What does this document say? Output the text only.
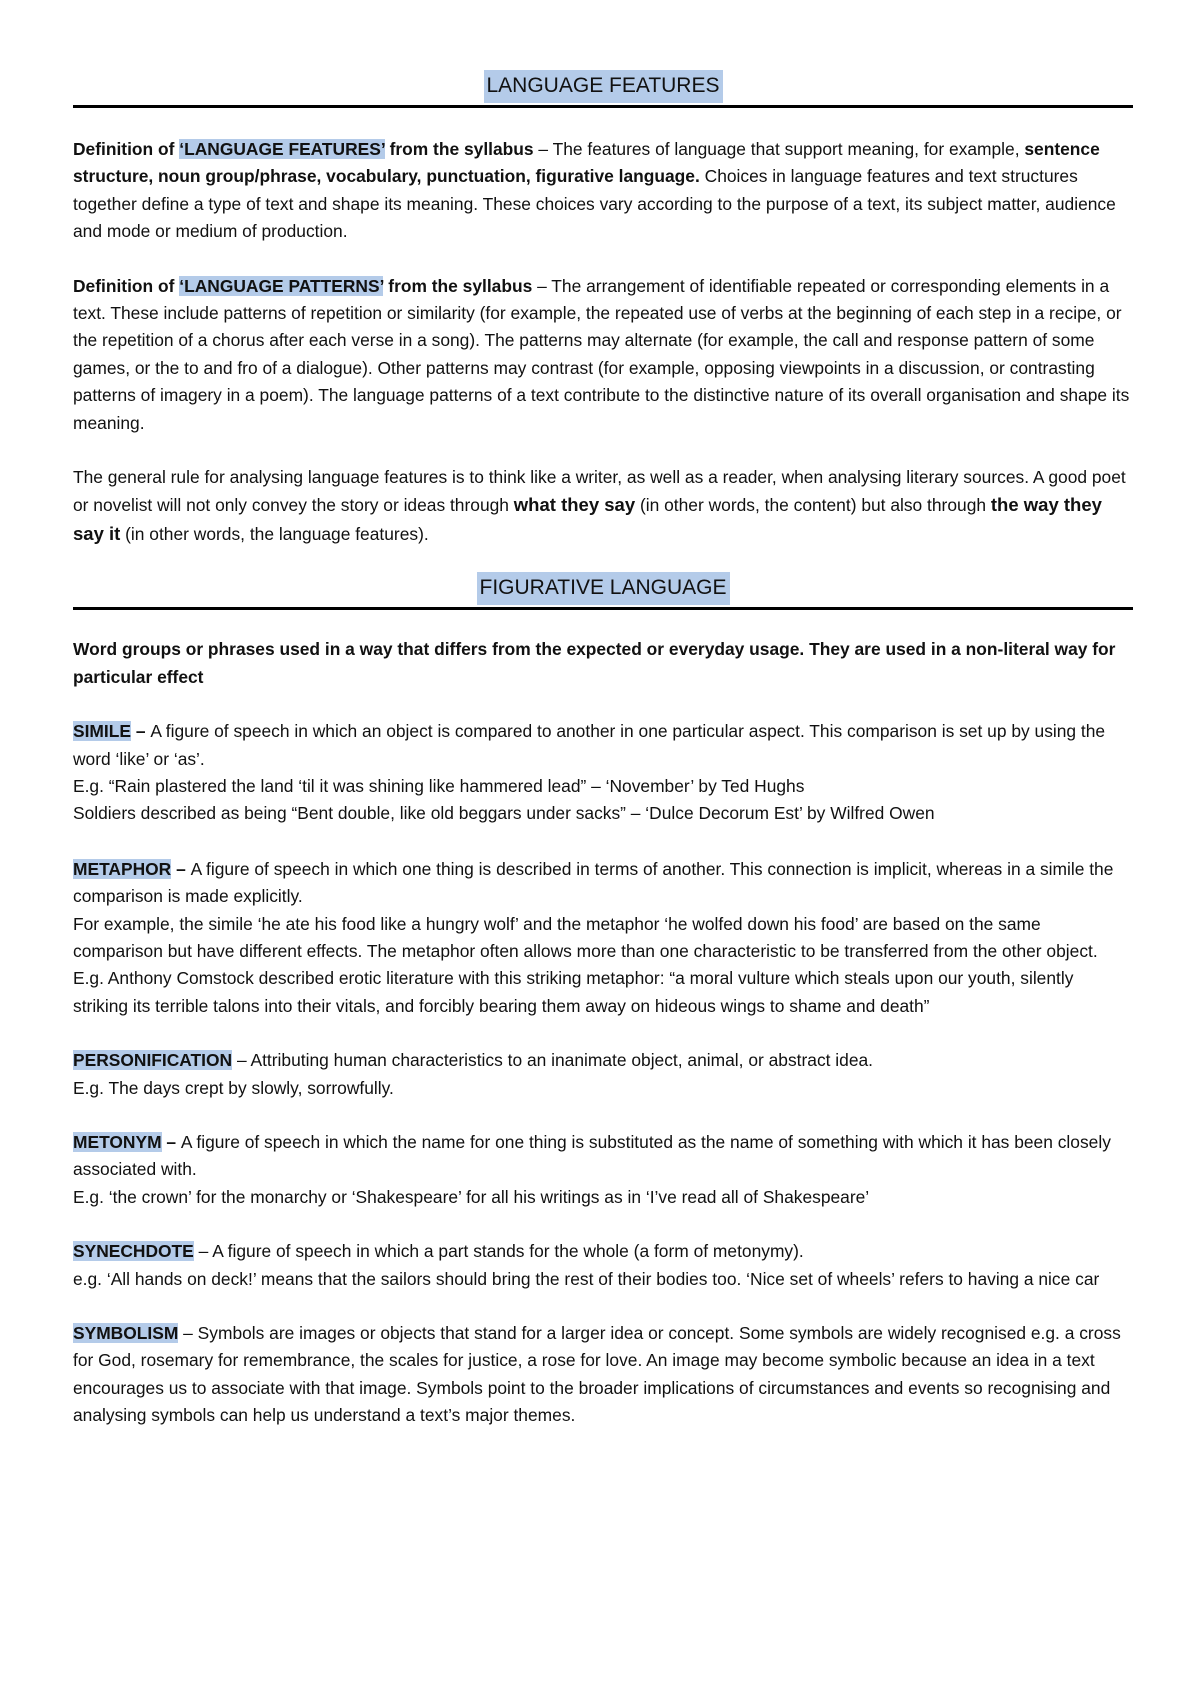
LANGUAGE FEATURES

Definition of ‘LANGUAGE FEATURES’ from the syllabus – The features of language that support meaning, for example, sentence structure, noun group/phrase, vocabulary, punctuation, figurative language. Choices in language features and text structures together define a type of text and shape its meaning. These choices vary according to the purpose of a text, its subject matter, audience and mode or medium of production.

Definition of ‘LANGUAGE PATTERNS’ from the syllabus – The arrangement of identifiable repeated or corresponding elements in a text. These include patterns of repetition or similarity (for example, the repeated use of verbs at the beginning of each step in a recipe, or the repetition of a chorus after each verse in a song). The patterns may alternate (for example, the call and response pattern of some games, or the to and fro of a dialogue). Other patterns may contrast (for example, opposing viewpoints in a discussion, or contrasting patterns of imagery in a poem). The language patterns of a text contribute to the distinctive nature of its overall organisation and shape its meaning.

The general rule for analysing language features is to think like a writer, as well as a reader, when analysing literary sources. A good poet or novelist will not only convey the story or ideas through what they say (in other words, the content) but also through the way they say it (in other words, the language features).

FIGURATIVE LANGUAGE

Word groups or phrases used in a way that differs from the expected or everyday usage. They are used in a non-literal way for particular effect

SIMILE – A figure of speech in which an object is compared to another in one particular aspect. This comparison is set up by using the word ‘like’ or ‘as’.

E.g. “Rain plastered the land ‘til it was shining like hammered lead” – ‘November’ by Ted Hughs

Soldiers described as being “Bent double, like old beggars under sacks” – ‘Dulce Decorum Est’ by Wilfred Owen

METAPHOR – A figure of speech in which one thing is described in terms of another. This connection is implicit, whereas in a simile the comparison is made explicitly.

For example, the simile ‘he ate his food like a hungry wolf’ and the metaphor ‘he wolfed down his food’ are based on the same comparison but have different effects. The metaphor often allows more than one characteristic to be transferred from the other object.

E.g. Anthony Comstock described erotic literature with this striking metaphor: “a moral vulture which steals upon our youth, silently striking its terrible talons into their vitals, and forcibly bearing them away on hideous wings to shame and death”

PERSONIFICATION – Attributing human characteristics to an inanimate object, animal, or abstract idea.

E.g. The days crept by slowly, sorrowfully.

METONYM – A figure of speech in which the name for one thing is substituted as the name of something with which it has been closely associated with.

E.g. ‘the crown’ for the monarchy or ‘Shakespeare’ for all his writings as in ‘I’ve read all of Shakespeare’

SYNECHDOTE – A figure of speech in which a part stands for the whole (a form of metonymy).

e.g. ‘All hands on deck!’ means that the sailors should bring the rest of their bodies too. ‘Nice set of wheels’ refers to having a nice car

SYMBOLISM – Symbols are images or objects that stand for a larger idea or concept. Some symbols are widely recognised e.g. a cross for God, rosemary for remembrance, the scales for justice, a rose for love. An image may become symbolic because an idea in a text encourages us to associate with that image. Symbols point to the broader implications of circumstances and events so recognising and analysing symbols can help us understand a text’s major themes.
